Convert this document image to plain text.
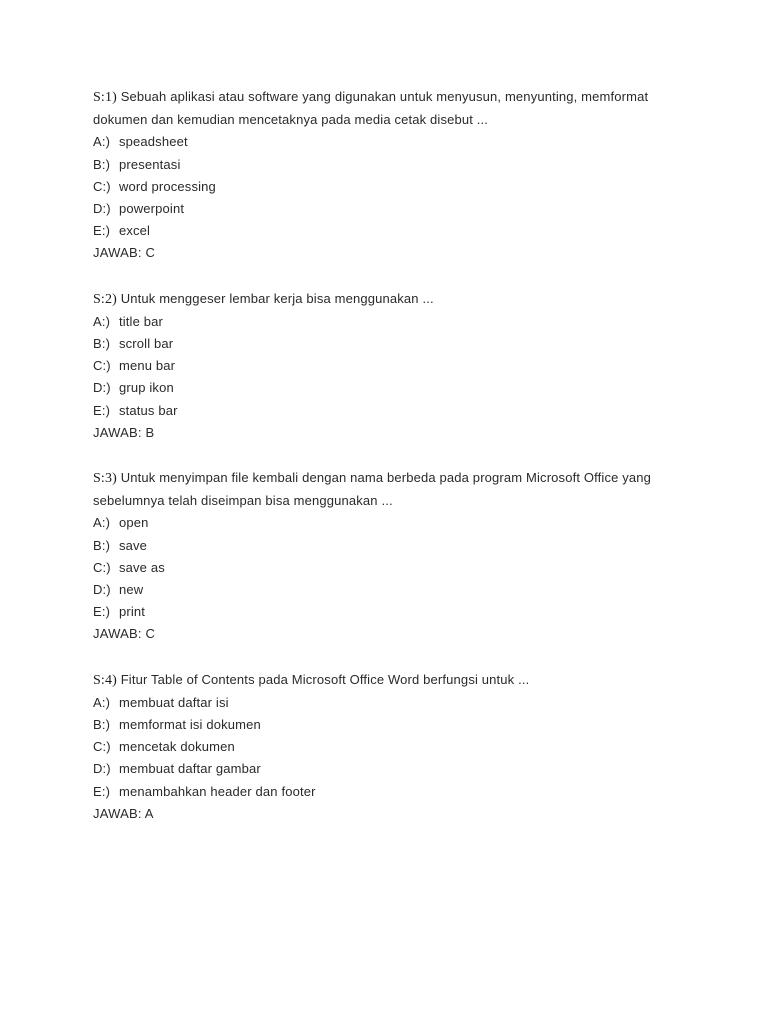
S:1) Sebuah aplikasi atau software yang digunakan untuk menyusun, menyunting, memformat
dokumen dan kemudian mencetaknya pada media cetak disebut ...
A:) speadsheet
B:) presentasi
C:) word processing
D:) powerpoint
E:) excel
JAWAB: C
S:2) Untuk menggeser lembar kerja bisa menggunakan ...
A:) title bar
B:) scroll bar
C:) menu bar
D:) grup ikon
E:) status bar
JAWAB: B
S:3) Untuk menyimpan file kembali dengan nama berbeda pada program Microsoft Office yang
sebelumnya telah diseimpan bisa menggunakan ...
A:) open
B:) save
C:) save as
D:) new
E:) print
JAWAB: C
S:4) Fitur Table of Contents pada Microsoft Office Word berfungsi untuk ...
A:) membuat daftar isi
B:) memformat isi dokumen
C:) mencetak dokumen
D:) membuat daftar gambar
E:) menambahkan header dan footer
JAWAB: A
